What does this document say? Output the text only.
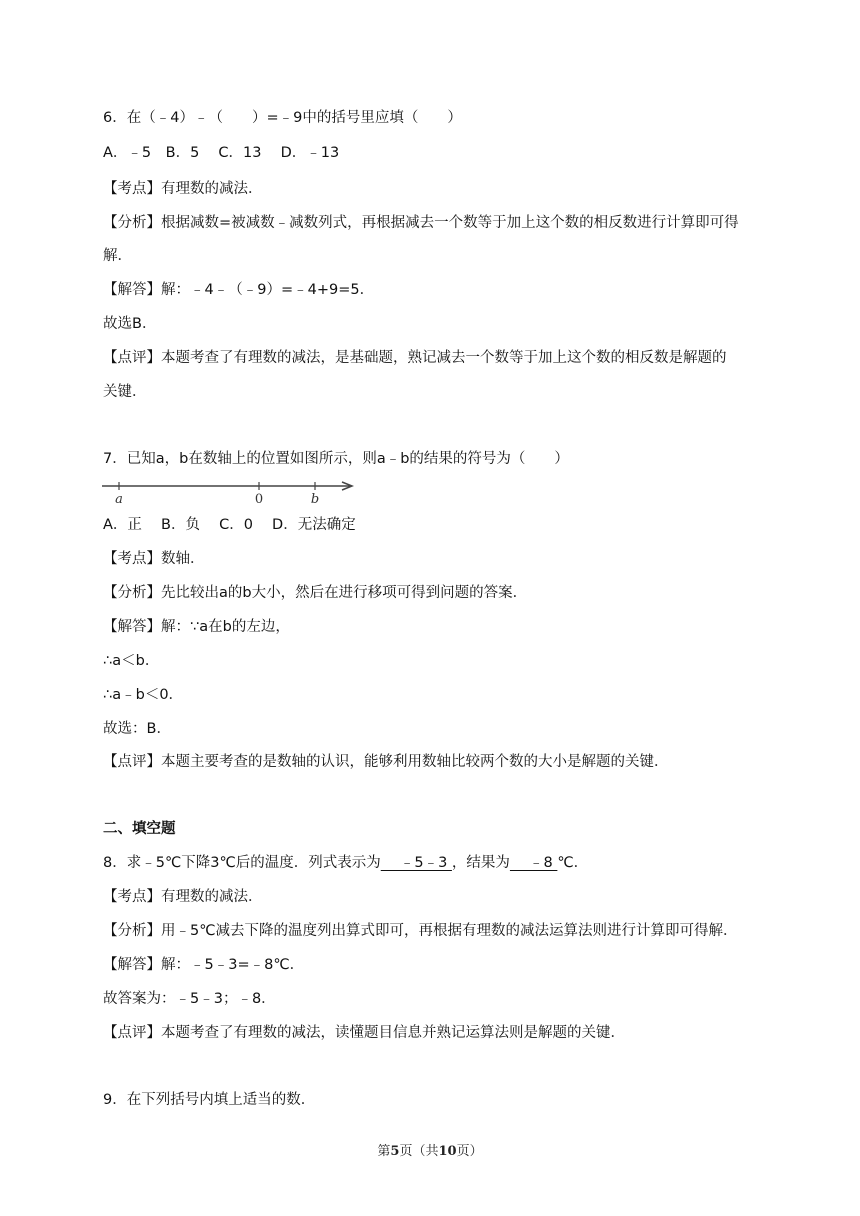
6．在（﹣4）﹣（　　）=﹣9中的括号里应填（　　）
A．﹣5　B．5　 C．13　 D．﹣13
【考点】有理数的减法．
【分析】根据减数=被减数﹣减数列式，再根据减去一个数等于加上这个数的相反数进行计算即可得
解．
【解答】解：﹣4﹣（﹣9）=﹣4+9=5．
故选B．
【点评】本题考查了有理数的减法，是基础题，熟记减去一个数等于加上这个数的相反数是解题的
关键．
7．已知a，b在数轴上的位置如图所示，则a﹣b的结果的符号为（　　）
a	0	b
A．正　 B．负　 C．0　 D．无法确定
【考点】数轴．
【分析】先比较出a的b大小，然后在进行移项可得到问题的答案．
【解答】解：∵a在b的左边，
∴a＜b．
∴a﹣b＜0．
故选：B．
【点评】本题主要考查的是数轴的认识，能够利用数轴比较两个数的大小是解题的关键．
二、填空题
8．求﹣5℃下降3℃后的温度．列式表示为　 ﹣5﹣3 ，结果为　 ﹣8 ℃．
【考点】有理数的减法．
【分析】用﹣5℃减去下降的温度列出算式即可，再根据有理数的减法运算法则进行计算即可得解．
【解答】解：﹣5﹣3=﹣8℃．
故答案为：﹣5﹣3；﹣8．
【点评】本题考查了有理数的减法，读懂题目信息并熟记运算法则是解题的关键．
9．在下列括号内填上适当的数．
第5页（共10页）
